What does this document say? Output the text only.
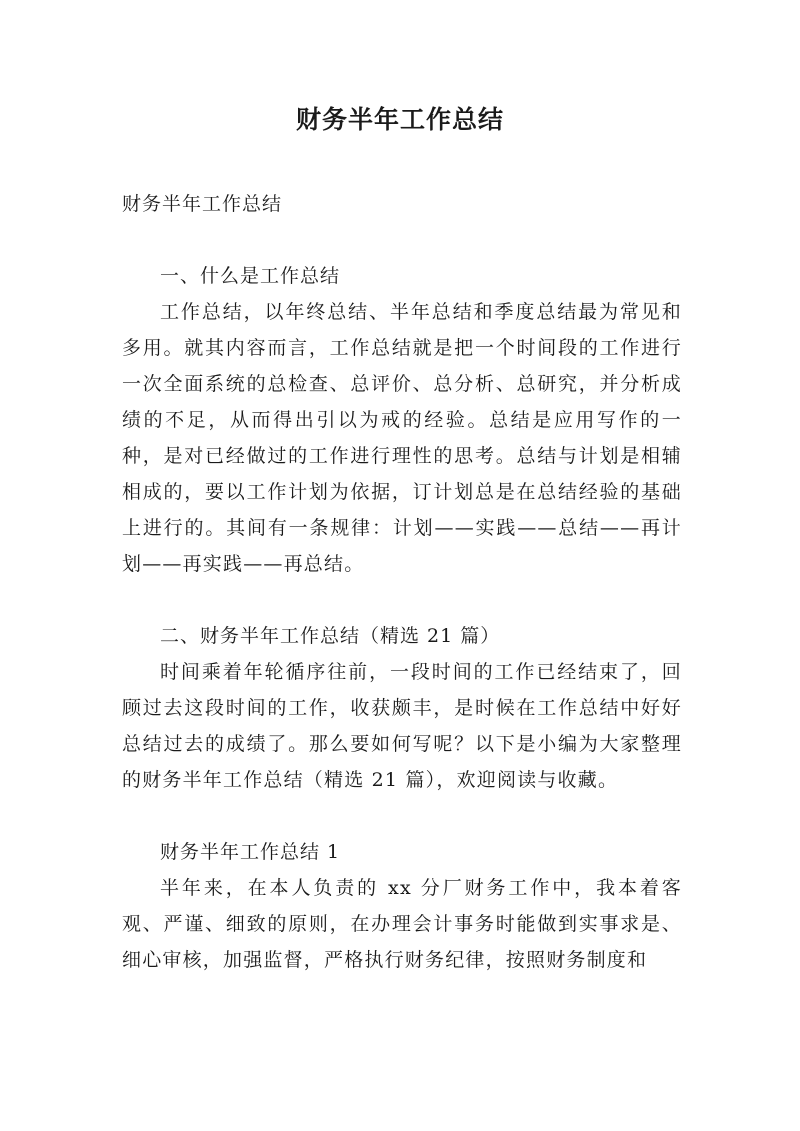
财务半年工作总结

财务半年工作总结

一、什么是工作总结

工作总结，以年终总结、半年总结和季度总结最为常见和多用。就其内容而言，工作总结就是把一个时间段的工作进行一次全面系统的总检查、总评价、总分析、总研究，并分析成绩的不足，从而得出引以为戒的经验。总结是应用写作的一种，是对已经做过的工作进行理性的思考。总结与计划是相辅相成的，要以工作计划为依据，订计划总是在总结经验的基础上进行的。其间有一条规律：计划——实践——总结——再计划——再实践——再总结。

二、财务半年工作总结（精选 21 篇）

时间乘着年轮循序往前，一段时间的工作已经结束了，回顾过去这段时间的工作，收获颇丰，是时候在工作总结中好好总结过去的成绩了。那么要如何写呢？以下是小编为大家整理的财务半年工作总结（精选 21 篇），欢迎阅读与收藏。

财务半年工作总结 1

半年来，在本人负责的 xx 分厂财务工作中，我本着客观、严谨、细致的原则，在办理会计事务时能做到实事求是、细心审核，加强监督，严格执行财务纪律，按照财务制度和
